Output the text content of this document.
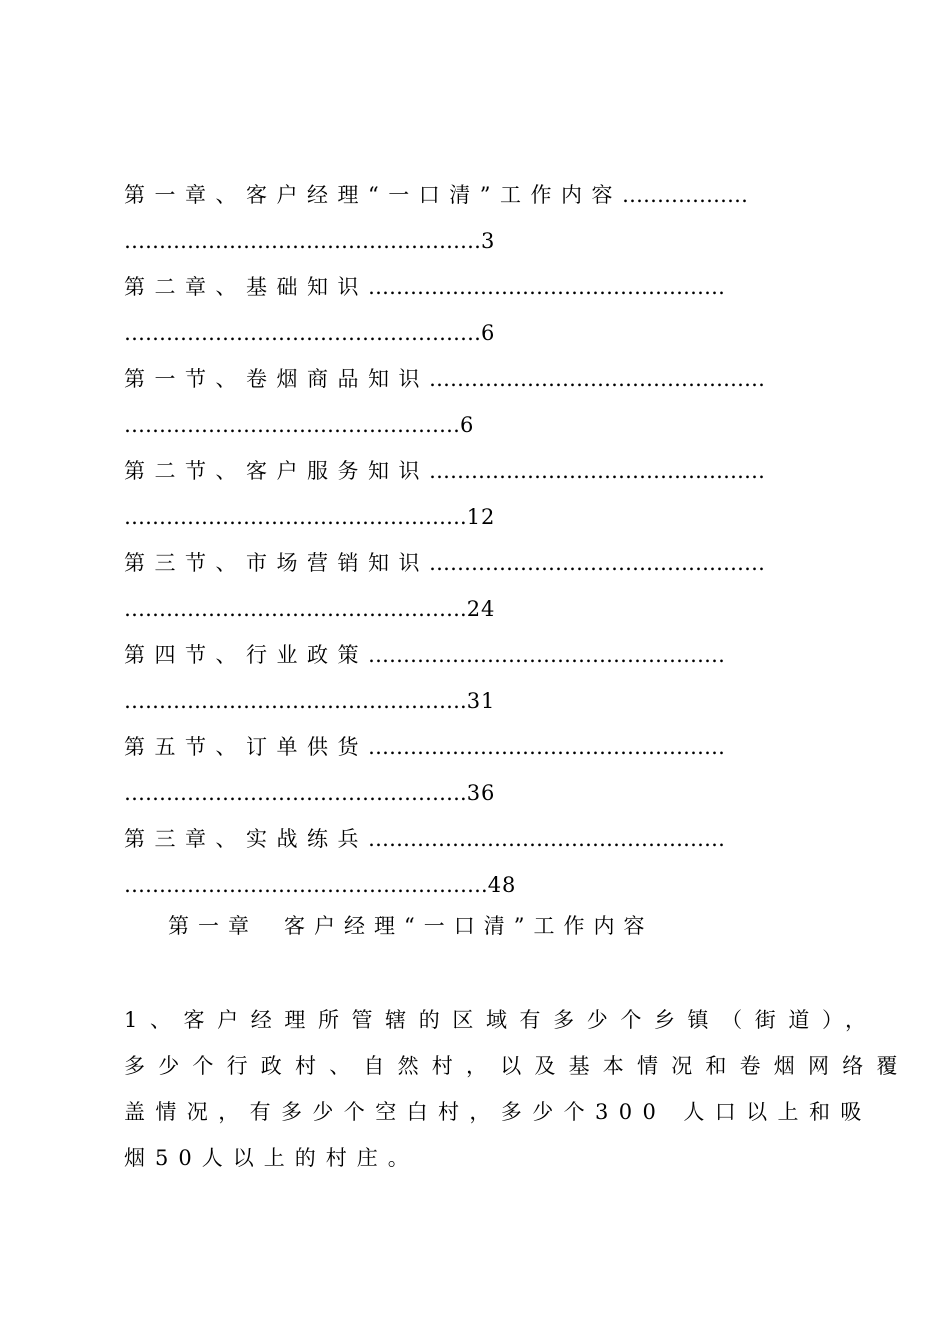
第一章、客户经理“一口清”工作内容………………
……………………………………………3
第二章、基础知识……………………………………………
……………………………………………6
第一节、卷烟商品知识…………………………………………
…………………………………………6
第二节、客户服务知识…………………………………………
………………………………………….12
第三节、市场营销知识…………………………………………
………………………………………….24
第四节、行业政策……………………………………………
………………………………………….31
第五节、订单供货……………………………………………
………………………………………….36
第三章、实战练兵……………………………………………
…………………………………………….48
第一章 客户经理“一口清”工作内容
1、客户经理所管辖的区域有多少个乡镇（街道），
多少个行政村、自然村，以及基本情况和卷烟网络覆
盖情况，有多少个空白村，多少个300 人口以上和吸
烟50人以上的村庄。
